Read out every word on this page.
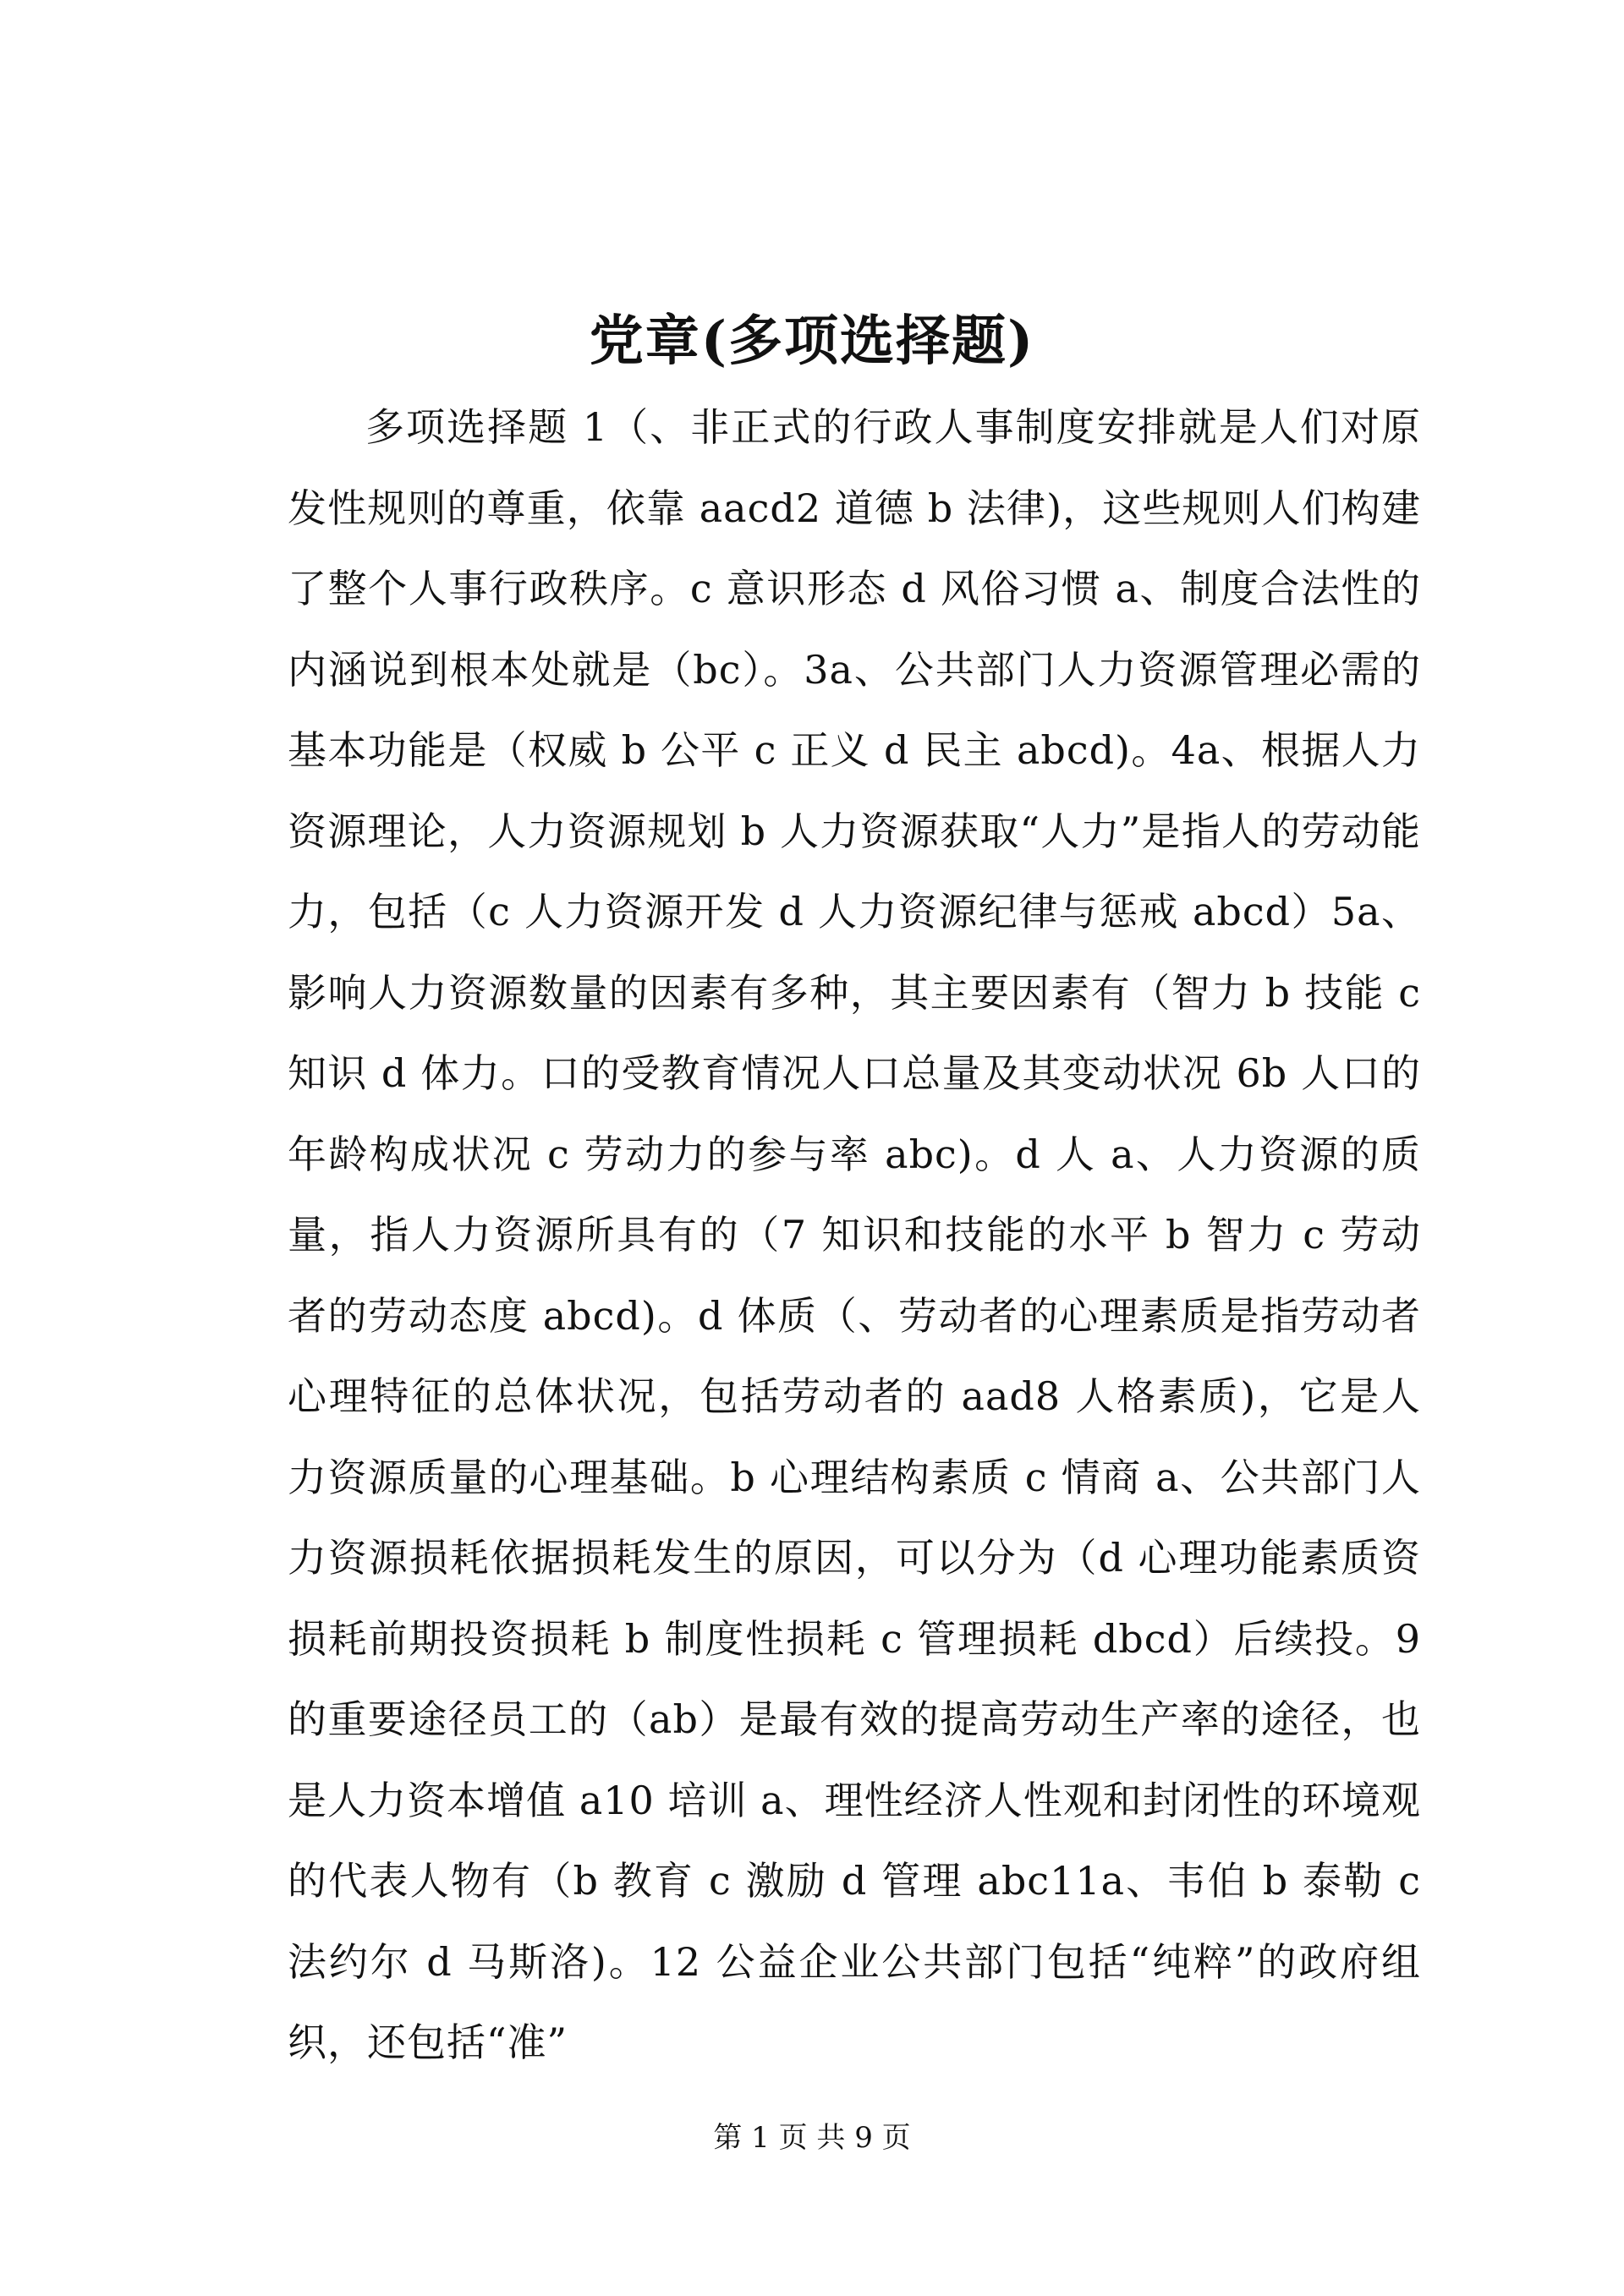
党章(多项选择题)
多项选择题 1（、非正式的行政人事制度安排就是人们对原发性规则的尊重，依靠 aacd2 道德 b 法律)，这些规则人们构建了整个人事行政秩序。c 意识形态 d 风俗习惯 a、制度合法性的内涵说到根本处就是（bc）。3a、公共部门人力资源管理必需的基本功能是（权威 b 公平 c 正义 d 民主 abcd)。4a、根据人力资源理论，人力资源规划 b 人力资源获取“人力”是指人的劳动能力，包括（c 人力资源开发 d 人力资源纪律与惩戒 abcd）5a、影响人力资源数量的因素有多种，其主要因素有（智力 b 技能 c 知识 d 体力。口的受教育情况人口总量及其变动状况 6b 人口的年龄构成状况 c 劳动力的参与率 abc)。d 人 a、人力资源的质量，指人力资源所具有的（7 知识和技能的水平 b 智力 c 劳动者的劳动态度 abcd)。d 体质（、劳动者的心理素质是指劳动者心理特征的总体状况，包括劳动者的 aad8 人格素质)，它是人力资源质量的心理基础。b 心理结构素质 c 情商 a、公共部门人力资源损耗依据损耗发生的原因，可以分为（d 心理功能素质资损耗前期投资损耗 b 制度性损耗 c 管理损耗 dbcd）后续投。9 的重要途径员工的（ab）是最有效的提高劳动生产率的途径，也是人力资本增值 a10 培训 a、理性经济人性观和封闭性的环境观的代表人物有（b 教育 c 激励 d 管理 abc11a、韦伯 b 泰勒 c 法约尔 d 马斯洛)。12 公益企业公共部门包括“纯粹”的政府组织，还包括“准”
第 1 页 共 9 页
